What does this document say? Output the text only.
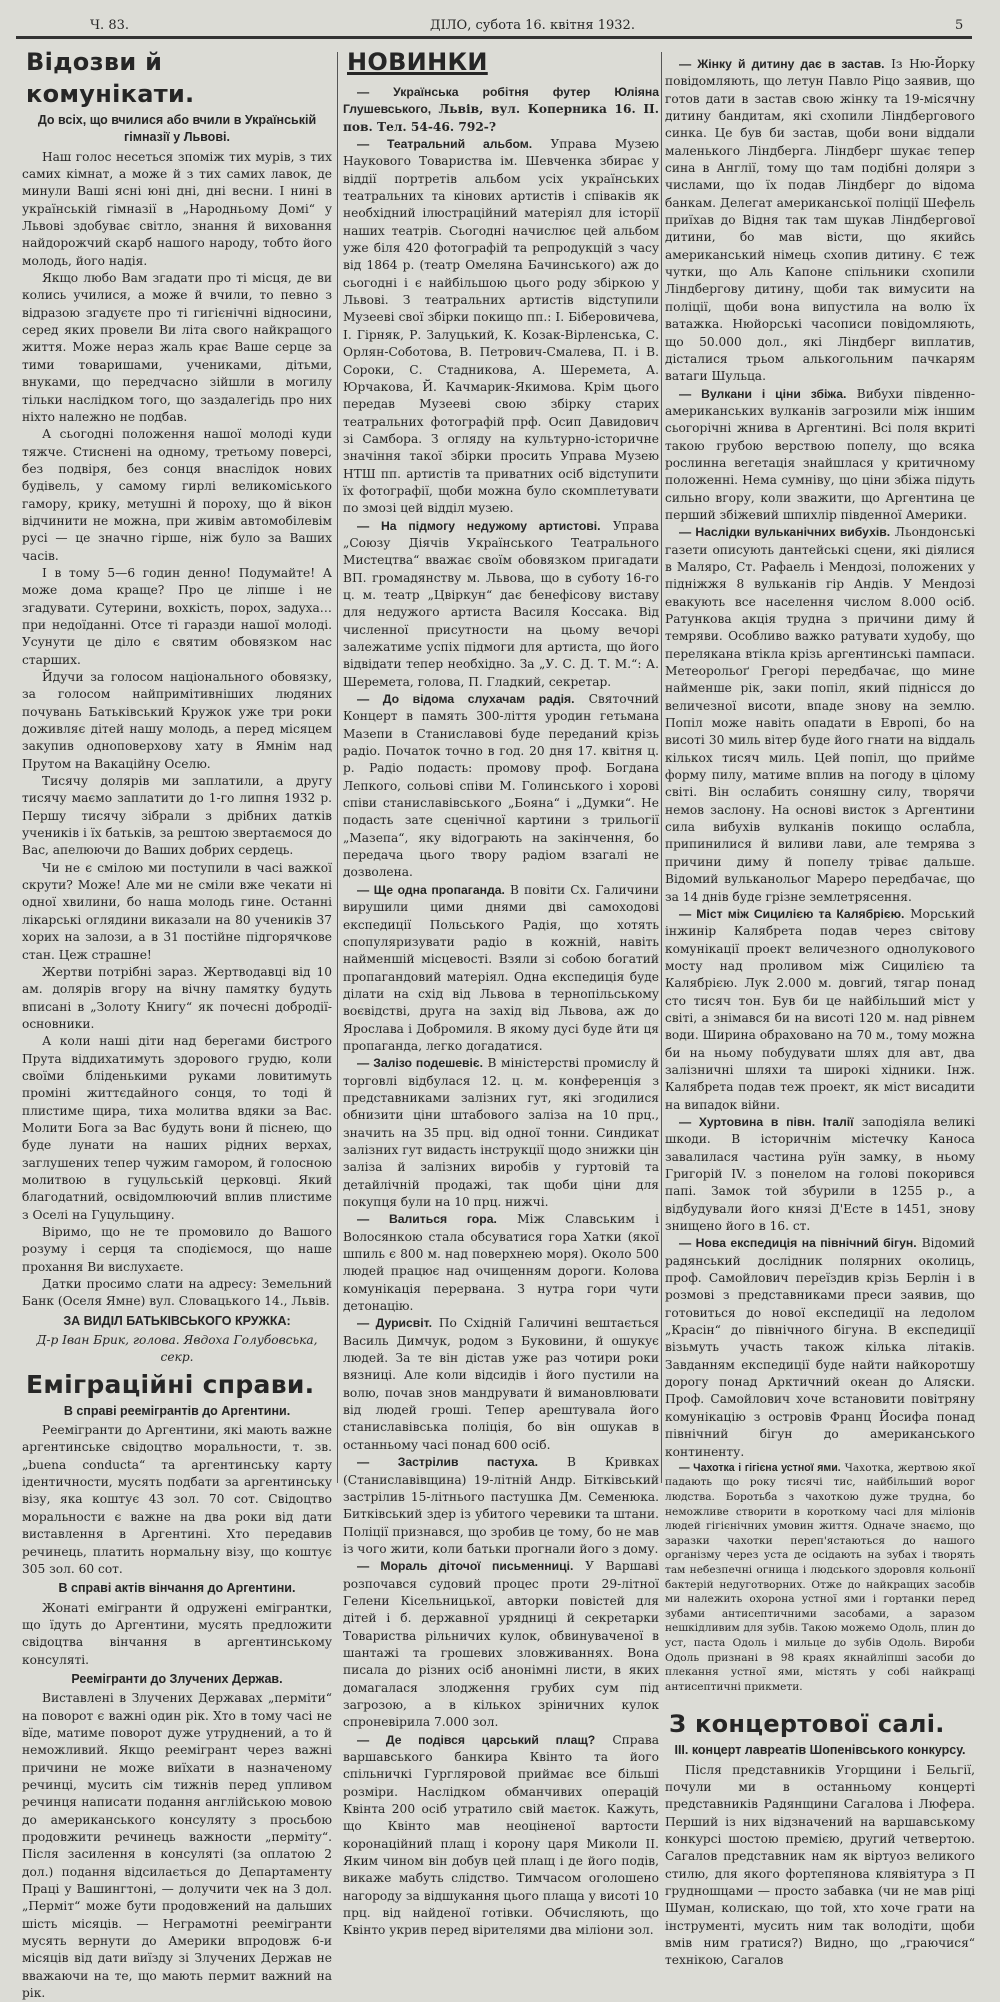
Ч. 83.	ДІЛО, субота 16. квітня 1932.	5
Відозви й комунікати.
До всіх, що вчилися або вчили в Українській гімназії у Львові.

Наш голос несеться зпоміж тих мурів, з тих самих кімнат, а може й з тих самих лавок, де минули Ваші ясні юні дні, дні весни. І нині в українській гімназії в „Народньому Домі“ у Львові здобуває світло, знання й виховання найдорожчий скарб нашого народу, тобто його молодь, його надія.

Якщо любо Вам згадати про ті місця, де ви колись училися, а може й вчили, то певно з відразою згадуєте про ті гигієнічні відносини, серед яких провели Ви літа свого найкращого життя. Може нераз жаль крає Ваше серце за тими товаришами, учениками, дітьми, внуками, що передчасно зійшли в могилу тільки наслідком того, що заздалегідь про них ніхто належно не подбав.

А сьогодні положення нашої молоді куди тяжче. Стиснені на одному, третьому поверсі, без подвіря, без сонця внаслідок нових будівель, у самому гирлі великоміського гамору, крику, метушні й пороху, що й вікон відчинити не можна, при живім автомобілевім русі — це значно гірше, ніж було за Ваших часів.

І в тому 5—6 годин денно! Подумайте! А може дома краще? Про це ліпше і не згадувати. Сутерини, вохкість, порох, задуха… при недоїданні. Отсе ті гаразди нашої молоді. Усунути це діло є святим обовязком нас старших.

Йдучи за голосом національного обовязку, за голосом найпримітивніших людяних почувань Батьківський Кружок уже три роки доживляє дітей нашу молодь, а перед місяцем закупив одноповерхову хату в Ямнім над Прутом на Вакаційну Оселю.

Тисячу долярів ми заплатили, а другу тисячу маємо заплатити до 1-го липня 1932 р. Першу тисячу зібрали з дрібних датків учеників і їх батьків, за рештою звертаємося до Вас, апелюючи до Ваших добрих сердець.

Чи не є смілою ми поступили в часі важкої скрути? Може! Але ми не сміли вже чекати ні одної хвилини, бо наша молодь гине. Останні лікарські оглядини виказали на 80 учеників 37 хорих на залози, а в 31 постійне підгорячкове стан. Цеж страшне!

Жертви потрібні зараз. Жертводавці від 10 ам. долярів вгору на вічну памятку будуть вписані в „Золоту Книгу“ як почесні добродії-основники.

А коли наші діти над берегами бистрого Прута віддихатимуть здорового грудю, коли своїми бліденькими руками ловитимуть проміні життєдайного сонця, то тоді й плистиме щира, тиха молитва вдяки за Вас. Молити Бога за Вас будуть вони й піснею, що буде лунати на наших рідних верхах, заглушених тепер чужим гамором, й голосною молитвою в гуцульській церковці. Який благодатний, освідомлюючий вплив плистиме з Оселі на Гуцульщину.

Віримо, що не те промовило до Вашого розуму і серця та сподіємося, що наше прохання Ви вислухаєте.

Датки просимо слати на адресу: Земельний Банк (Оселя Ямне) вул. Словацького 14., Львів.

ЗА ВИДІЛ БАТЬКІВСЬКОГО КРУЖКА:

Д-р Іван Брик, голова. Явдоха Голубовська, секр.

Еміграційні справи.
В справі реемігрантів до Аргентини.

Реемігранти до Аргентини, які мають важне аргентинське свідоцтво моральности, т. зв. „buena conducta“ та аргентинську карту ідентичности, мусять подбати за аргентинську візу, яка коштує 43 зол. 70 сот. Свідоцтво моральности є важне на два роки від дати виставлення в Аргентині. Хто передавив речинець, платить нормальну візу, що коштує 305 зол. 60 сот.

В справі актів вінчання до Аргентини.

Жонаті емігранти й одружені емігрантки, що їдуть до Аргентини, мусять предложити свідоцтва вінчання в аргентинському консуляті.

Реемігранти до Злучених Держав.

Виставлені в Злучених Державах „перміти“ на поворот є важні один рік. Хто в тому часі не вїде, матиме поворот дуже утруднений, а то й неможливий. Якщо реемігрант через важні причини не може виїхати в назначеному речинці, мусить сім тижнів перед упливом речинця написати подання англійською мовою до американського консуляту з просьбою продовжити речинець важности „перміту“. Після засилення в консуляті (за оплатою 2 дол.) подання відсилається до Департаменту Праці у Вашингтоні, — долучити чек на 3 дол. „Перміт“ може бути продовжений на дальших шість місяців. — Неграмотні реемігранти мусять вернути до Америки впродовж 6-и місяців від дати виїзду зі Злучених Держав не вважаючи на те, що мають пермит важний на рік.

НОВИНКИ

— Українська робітня футер Юліяна Глушевського, Львів, вул. Коперника 16. II. пов. Тел. 54-46. 792-?

— Театральний альбом. Управа Музею Наукового Товариства ім. Шевченка збирає у віддії портретів альбом усіх українських театральних та кінових артистів і співаків як необхідний ілюстраційний матеріял для історії наших театрів. Сьогодні начислює цей альбом уже біля 420 фотографій та репродукцій з часу від 1864 р. (театр Омеляна Бачинського) аж до сьогодні і є найбільшою цього роду збіркою у Львові. З театральних артистів відступили Музееві свої збірки покищо пп.: І. Біберовичева, І. Гірняк, Р. Залуцький, К. Козак-Вірленська, С. Орлян-Соботова, В. Петрович-Смалева, П. і В. Сороки, С. Стадникова, А. Шеремета, А. Юрчакова, Й. Качмарик-Якимова. Крім цього передав Музееві свою збірку старих театральних фотографій прф. Осип Давидович зі Самбора. З огляду на культурно-історичне значіння такої збірки просить Управа Музею НТШ пп. артистів та приватних осіб відступити їх фотографії, щоби можна було скомплетувати по змозі цей відділ музею.

— На підмогу недужому артистові. Управа „Союзу Діячів Українського Театрального Мистецтва“ вважає своїм обовязком пригадати ВП. громадянству м. Львова, що в суботу 16-го ц. м. театр „Цвіркун“ дає бенефісову виставу для недужого артиста Василя Коссака. Від численної присутности на цьому вечорі залежатиме успіх підмоги для артиста, що його відвідати тепер необхідно. За „У. С. Д. Т. М.“: А. Шеремета, голова, П. Гладкий, секретар.

— До відома слухачам радія. Святочний Концерт в память 300-ліття уродин гетьмана Мазепи в Станиславові буде переданий крізь радіо. Початок точно в год. 20 дня 17. квітня ц. р. Радіо подасть: промову проф. Богдана Лепкого, сольові співи М. Голинського і хорові співи станиславівського „Бояна“ і „Думки“. Не подасть зате сценічної картини з трильогії „Мазепа“, яку відограють на закінчення, бо передача цього твору радіом взагалі не дозволена.

— Ще одна пропаганда. В повіти Сх. Галичини вирушили цими днями дві самоходові експедиції Польського Радія, що хотять спопуляризувати радіо в кожній, навіть найменшій місцевості. Взяли зі собою богатий пропагандовий матеріял. Одна експедиція буде ділати на схід від Львова в тернопільському воєвідстві, друга на захід від Львова, аж до Ярослава і Добромиля. В якому дусі буде йти ця пропаганда, легко догадатися.

— Залізо подешевіє. В міністерстві промислу й торговлі відбулася 12. ц. м. конференція з представниками залізних гут, які згодилися обнизити ціни штабового заліза на 10 прц., значить на 35 прц. від одної тонни. Синдикат залізних гут видасть інструкції щодо знижки цін заліза й залізних виробів у гуртовій та детайлічній продажі, так щоби ціни для покупця були на 10 прц. нижчі.

— Валиться гора. Між Славським і Волосянкою стала обсуватися гора Хатки (якої шпиль є 800 м. над поверхнею моря). Около 500 людей працює над очищенням дороги. Колова комунікація перервана. З нутра гори чути детонацію.

— Дурисвіт. По Східній Галичині вештається Василь Димчук, родом з Буковини, й ошукує людей. За те він дістав уже раз чотири роки вязниці. Але коли відсидів і його пустили на волю, почав знов мандрувати й вимановлювати від людей гроші. Тепер арештувала його станиславівська поліція, бо він ошукав в останньому часі понад 600 осіб.

— Застрілив пастуха. В Кривках (Станиславівщина) 19-літній Андр. Бітківський застрілив 15-літнього пастушка Дм. Семенюка. Битківський здер із убитого черевики та штани. Поліції признався, що зробив це тому, бо не мав із чого жити, коли батьки прогнали його з дому.

— Мораль діточої письменниці. У Варшаві розпочався судовий процес проти 29-літної Гелени Кісельницької, авторки повістей для дітей і б. державної урядниці й секретарки Товариства рільничих кулок, обвинуваченої в шантажі та грошевих зловживаннях. Вона писала до різних осіб анонімні листи, в яких домагалася злодження грубих сум під загрозою, а в кількох зріничних кулок спроневірила 7.000 зол.

— Де подівся царський плащ? Справа варшавського банкира Квінто та його спільничкі Гургляровой приймає все більші розміри. Наслідком обманчивих операцій Квінта 200 осіб утратило свій маєток. Кажуть, що Квінто мав неоціненої вартости коронаційний плащ і корону царя Миколи II. Яким чином він добув цей плащ і де його подів, викаже мабуть слідство. Тимчасом оголошено нагороду за відшукання цього плаща у висоті 10 прц. від найденої готівки. Обчисляють, що Квінто укрив перед вірителями два міліони зол.

— Жінку й дитину дає в застав. Із Ню-Йорку повідомляють, що летун Павло Ріцо заявив, що готов дати в застав свою жінку та 19-місячну дитину бандитам, які схопили Ліндбергового синка. Це був би застав, щоби вони віддали маленького Ліндберга. Ліндберг шукає тепер сина в Англії, тому що там подібні доляри з числами, що їх подав Ліндберг до відома банкам. Делегат американської поліції Шефель приїхав до Відня так там шукав Ліндбергової дитини, бо мав вісти, що якийсь американський німець схопив дитину. Є теж чутки, що Аль Капоне спільники схопили Ліндбергову дитину, щоби так вимусити на поліції, щоби вона випустила на волю їх ватажка. Нюйорські часописи повідомляють, що 50.000 дол., які Ліндберг виплатив, дісталися трьом алькогольним пачкарям ватаги Шульца.

— Вулкани і ціни збіжа. Вибухи південно-американських вулканів загрозили між іншим сьогорічні жнива в Аргентині. Всі поля вкриті такою грубою верствою попелу, що всяка рослинна вегетація знайшлася у критичному положенні. Нема сумніву, що ціни збіжа підуть сильно вгору, коли зважити, що Аргентина це перший збіжевий шпихлір південної Америки.

— Наслідки вульканічних вибухів. Льондонські газети описують дантейські сцени, які діялися в Маляро, Ст. Рафаель і Мендозі, положених у підніжжя 8 вульканів гір Андів. У Мендозі евакують все населення числом 8.000 осіб. Ратункова акція трудна з причини диму й темряви. Особливо важко ратувати худобу, що перелякана втікла крізь аргентинські пампаси. Метеорольоґ Грегорі передбачає, що мине найменше рік, заки попіл, який піднісся до величезної висоти, впаде знову на землю. Попіл може навіть опадати в Европі, бо на висоті 30 миль вітер буде його гнати на віддаль кількох тисяч миль. Цей попіл, що прийме форму пилу, матиме вплив на погоду в цілому світі. Він ослабить соняшну силу, творячи немов заслону. На основі висток з Аргентини сила вибухів вулканів покищо ослабла, припинилися й виливи лави, але темрява з причини диму й попелу тріває дальше. Відомий вульканольог Мареро передбачає, що за 14 днів буде грізне землетрясення.

— Міст між Сицилією та Калябрією. Морський інжинір Калябрета подав через світову комунікації проект величезного однолукового мосту над проливом між Сицилією та Калябрією. Лук 2.000 м. довгий, тягар понад сто тисяч тон. Був би це найбільший міст у світі, а знімався би на висоті 120 м. над рівнем води. Ширина обраховано на 70 м., тому можна би на ньому побудувати шлях для авт, два залізничні шляхи та широкі хідники. Інж. Калябрета подав теж проект, як міст висадити на випадок війни.

— Хуртовина в півн. Італії заподіяла великі шкоди. В історичнім містечку Каноса завалилася частина руїн замку, в ньому Григорій IV. з понелом на голові покорився папі. Замок той збурили в 1255 р., а відбудували його князі Д'Есте в 1451, знову знищено його в 16. ст.

— Нова експедиція на північний бігун. Відомий радянський дослідник полярних околиць, проф. Самойлович переїздив крізь Берлін і в розмові з представниками преси заявив, що готовиться до нової експедиції на ледолом „Красін“ до північного бігуна. В експедиції візьмуть участь також кілька літаків. Завданням експедиції буде найти найкоротшу дорогу понад Арктичний океан до Аляски. Проф. Самойлович хоче встановити повітряну комунікацію з островів Франц Йосифа понад північний бігун до американського континенту.

— Чахотка і гігієна устної ями. Чахотка, жертвою якої падають що року тисячі тис, найбільший ворог людства. Боротьба з чахоткою дуже трудна, бо неможливе створити в короткому часі для міліонів людей гігієнічних умовин життя. Одначе знаємо, що заразки чахотки переп'ястаються до нашого організму через уста де осідають на зубах і творять там небезпечні огнища і людського здоровля кольонії бактерій недуготворних. Отже до найкращих засобів ми належить охорона устної ями і гортанки перед зубами антисептичними засобами, а заразом нешкідливим для зубів. Такою можемо Одоль, плин до уст, паста Одоль і мильце до зубів Одоль. Вироби Одоль признані в 98 краях якнайліпші засоби до плекання устної ями, містять у собі найкращі антисептичні прикмети.

З концертової салі.
III. концерт лавреатів Шопенівського конкурсу.

Після представників Угорщини і Бельгії, почули ми в останньому концерті представників Радянщини Сагалова і Люфера. Перший із них відзначений на варшавському конкурсі шостою премією, другий четвертою. Сагалов представник нам як віртуоз великого стилю, для якого фортепянова клявіятура з П грудношцами — просто забавка (чи не мав ріці Шуман, колискаю, що той, хто хоче грати на інструменті, мусить ним так володіти, щоби вмів ним гратися?) Видно, що „граючися“ технікою, Сагалов
